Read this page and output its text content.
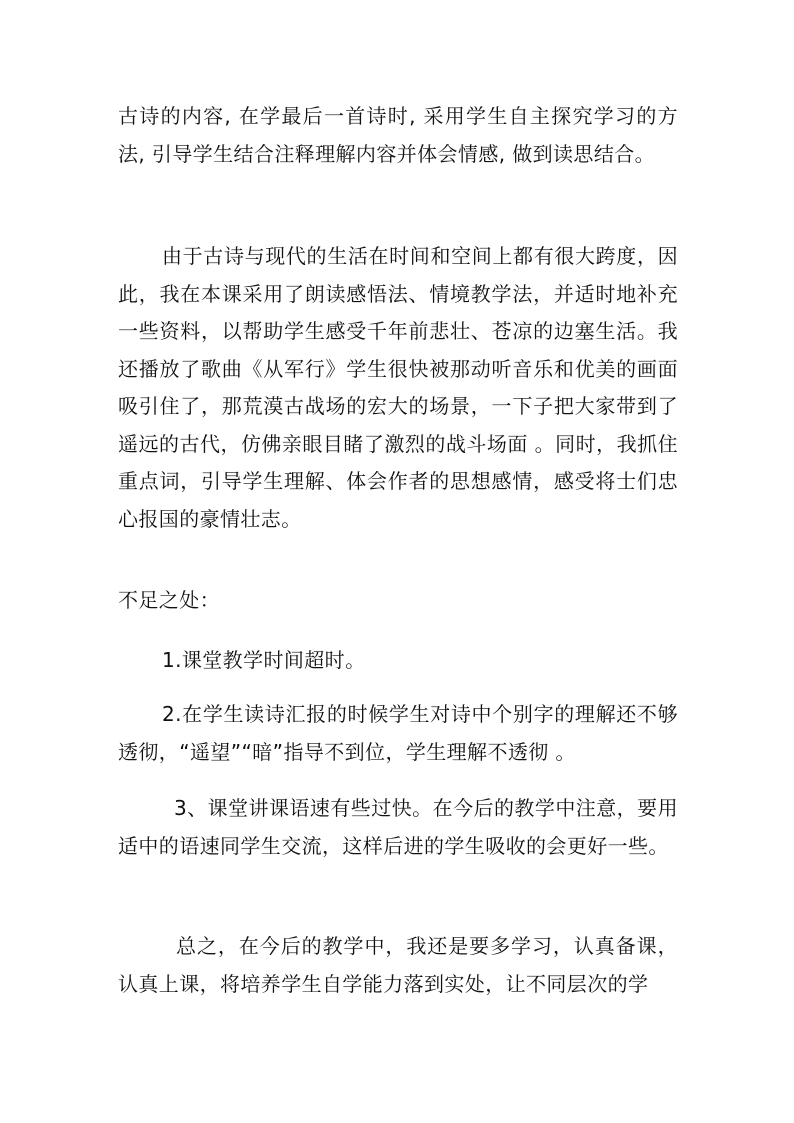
古诗的内容, 在学最后一首诗时, 采用学生自主探究学习的方法, 引导学生结合注释理解内容并体会情感, 做到读思结合。

由于古诗与现代的生活在时间和空间上都有很大跨度，因此，我在本课采用了朗读感悟法、情境教学法，并适时地补充一些资料，以帮助学生感受千年前悲壮、苍凉的边塞生活。我还播放了歌曲《从军行》学生很快被那动听音乐和优美的画面吸引住了，那荒漠古战场的宏大的场景，一下子把大家带到了遥远的古代，仿佛亲眼目睹了激烈的战斗场面 。同时，我抓住重点词，引导学生理解、体会作者的思想感情，感受将士们忠心报国的豪情壮志。

不足之处：

1.课堂教学时间超时。

2.在学生读诗汇报的时候学生对诗中个别字的理解还不够透彻，“遥望”“暗”指导不到位，学生理解不透彻 。

3、课堂讲课语速有些过快。在今后的教学中注意，要用适中的语速同学生交流，这样后进的学生吸收的会更好一些。

总之，在今后的教学中，我还是要多学习，认真备课，认真上课，将培养学生自学能力落到实处，让不同层次的学
